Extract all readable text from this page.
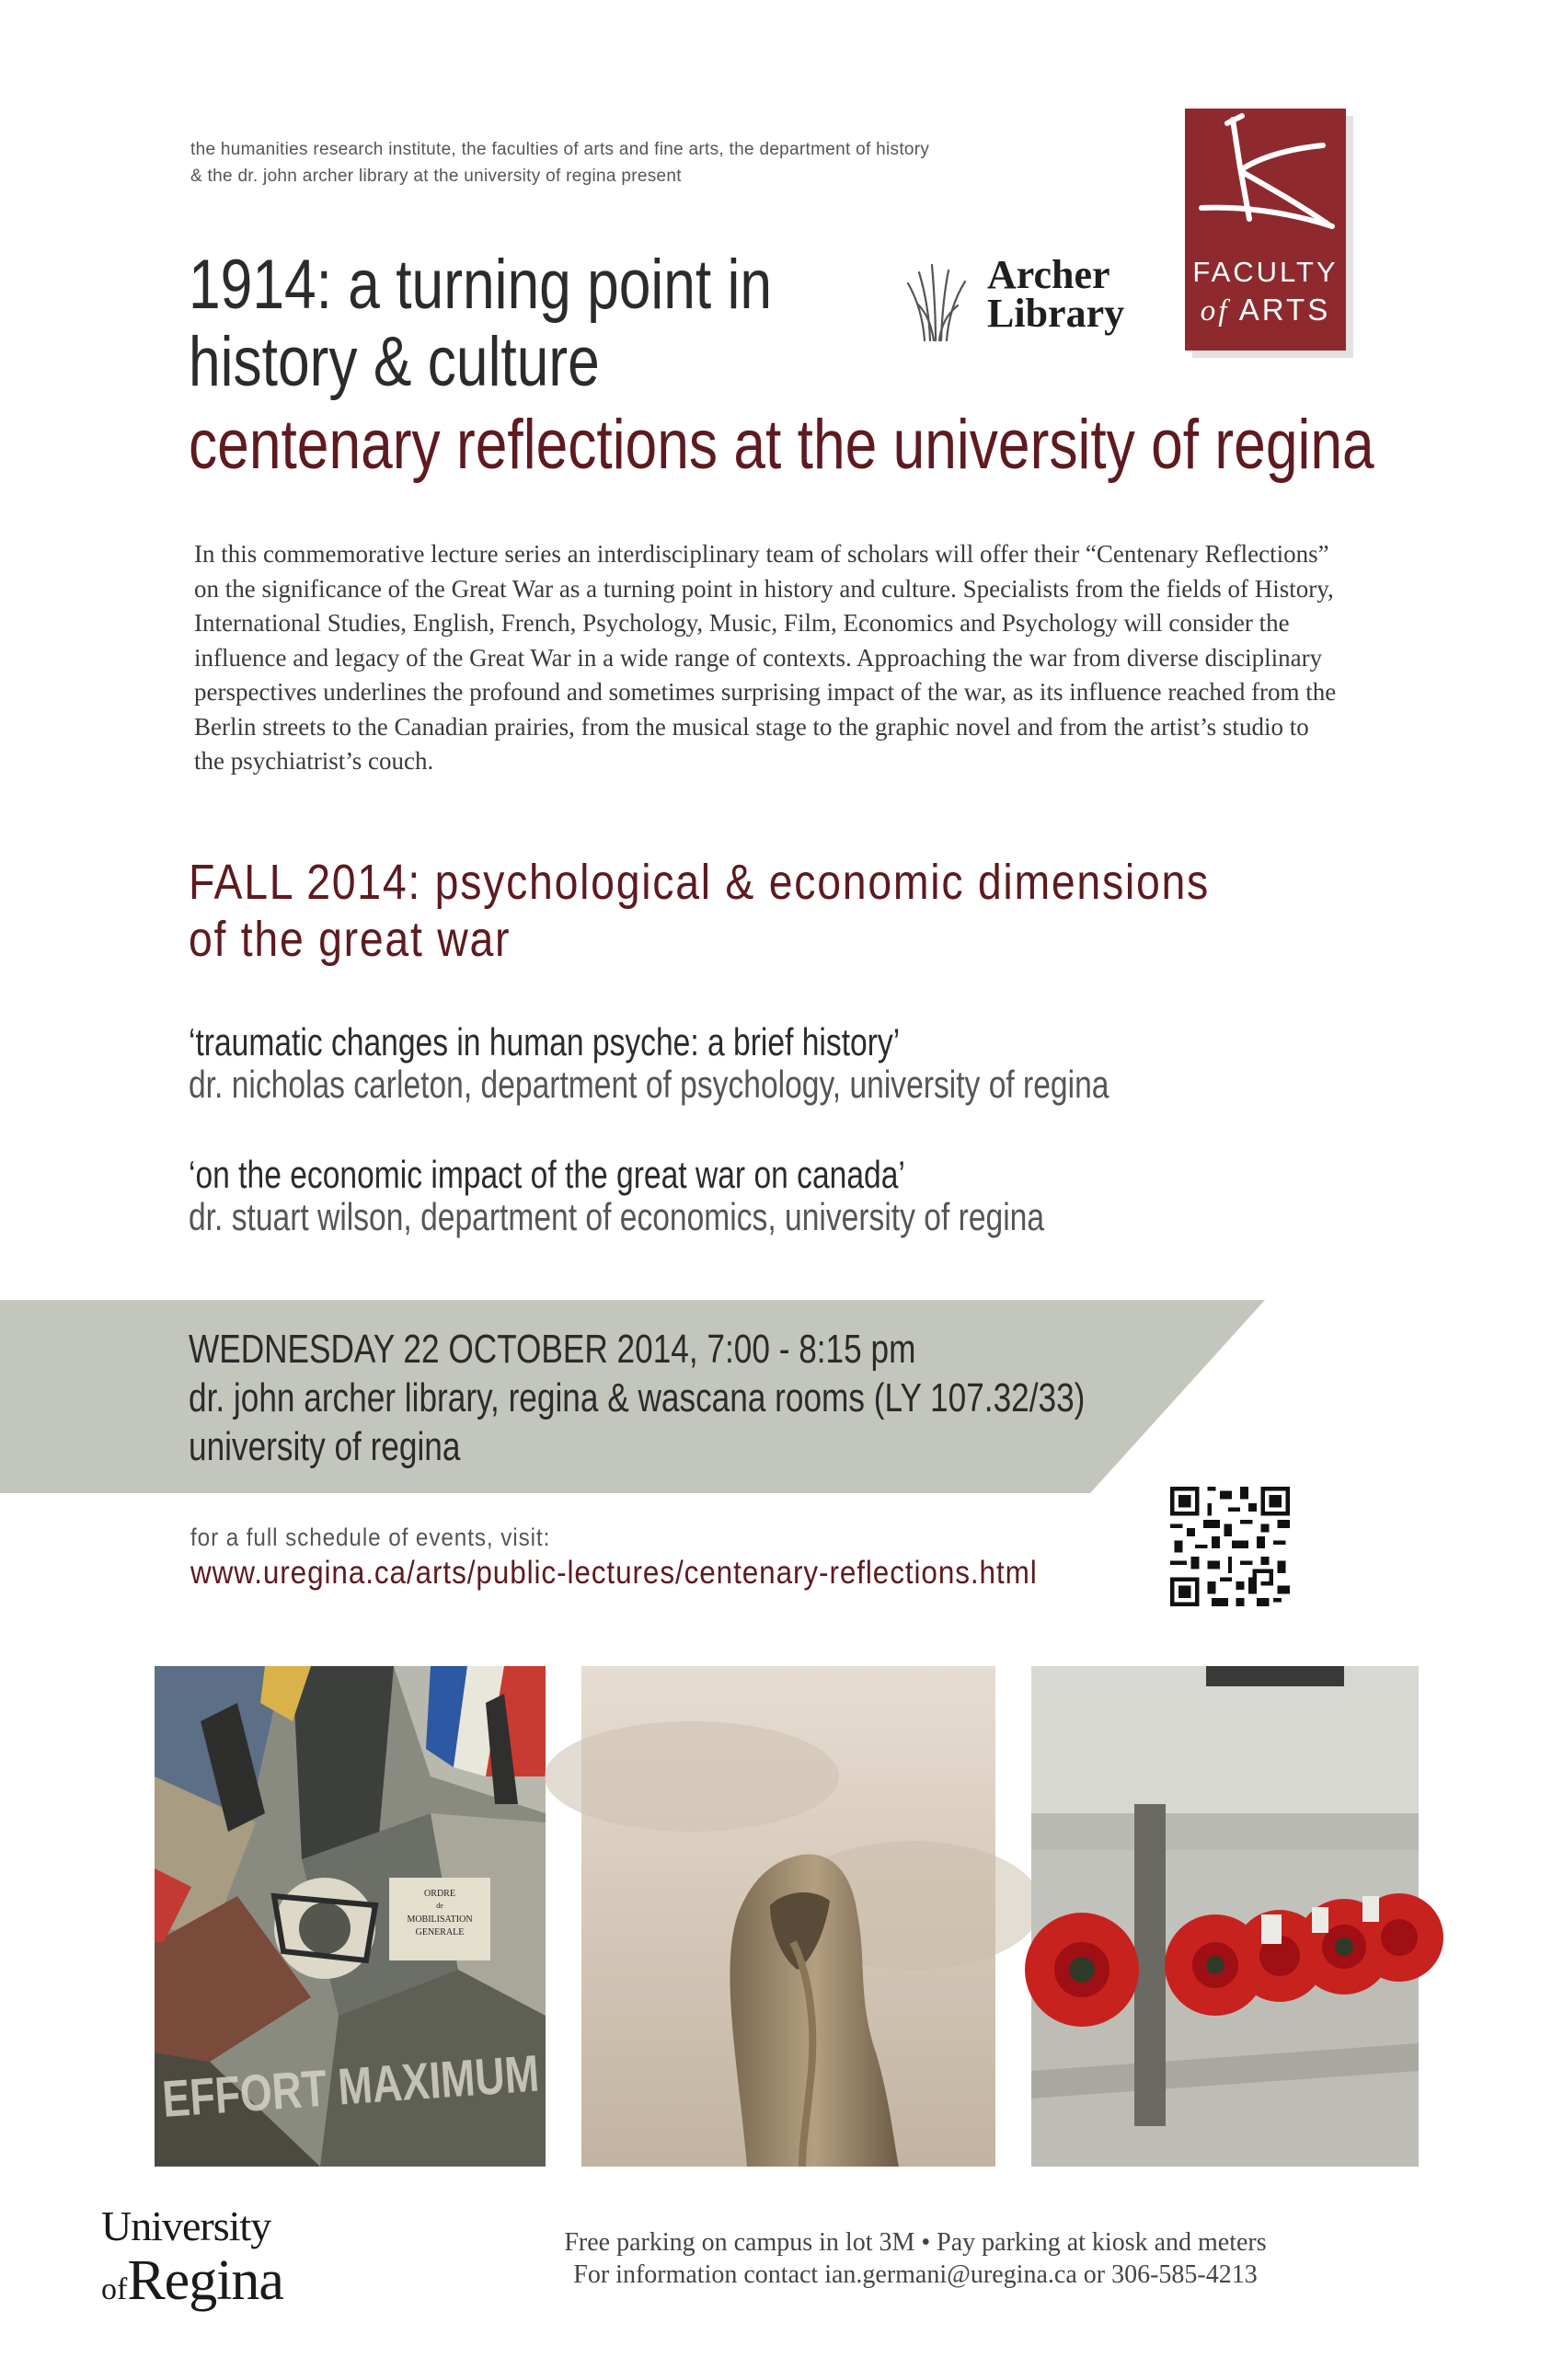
the humanities research institute, the faculties of arts and fine arts, the department of history
& the dr. john archer library at the university of regina present
1914: a turning point in
history & culture
centenary reflections at the university of regina
Archer
Library
FACULTY
of ARTS
In this commemorative lecture series an interdisciplinary team of scholars will offer their “Centenary Reflections” on the significance of the Great War as a turning point in history and culture. Specialists from the fields of History, International Studies, English, French, Psychology, Music, Film, Economics and Psychology will consider the influence and legacy of the Great War in a wide range of contexts. Approaching the war from diverse disciplinary perspectives underlines the profound and sometimes surprising impact of the war, as its influence reached from the Berlin streets to the Canadian prairies, from the musical stage to the graphic novel and from the artist’s studio to the psychiatrist’s couch.
FALL 2014: psychological & economic dimensions
of the great war
‘traumatic changes in human psyche: a brief history’
dr. nicholas carleton, department of psychology, university of regina
‘on the economic impact of the great war on canada’
dr. stuart wilson, department of economics, university of regina
WEDNESDAY 22 OCTOBER 2014, 7:00 - 8:15 pm
dr. john archer library, regina & wascana rooms (LY 107.32/33)
university of regina
for a full schedule of events, visit:
www.uregina.ca/arts/public-lectures/centenary-reflections.html
ORDRE
de
MOBILISATION
GENERALE
EFFORT MAXIMUM
University
ofRegina
Free parking on campus in lot 3M • Pay parking at kiosk and meters
For information contact ian.germani@uregina.ca or 306-585-4213
